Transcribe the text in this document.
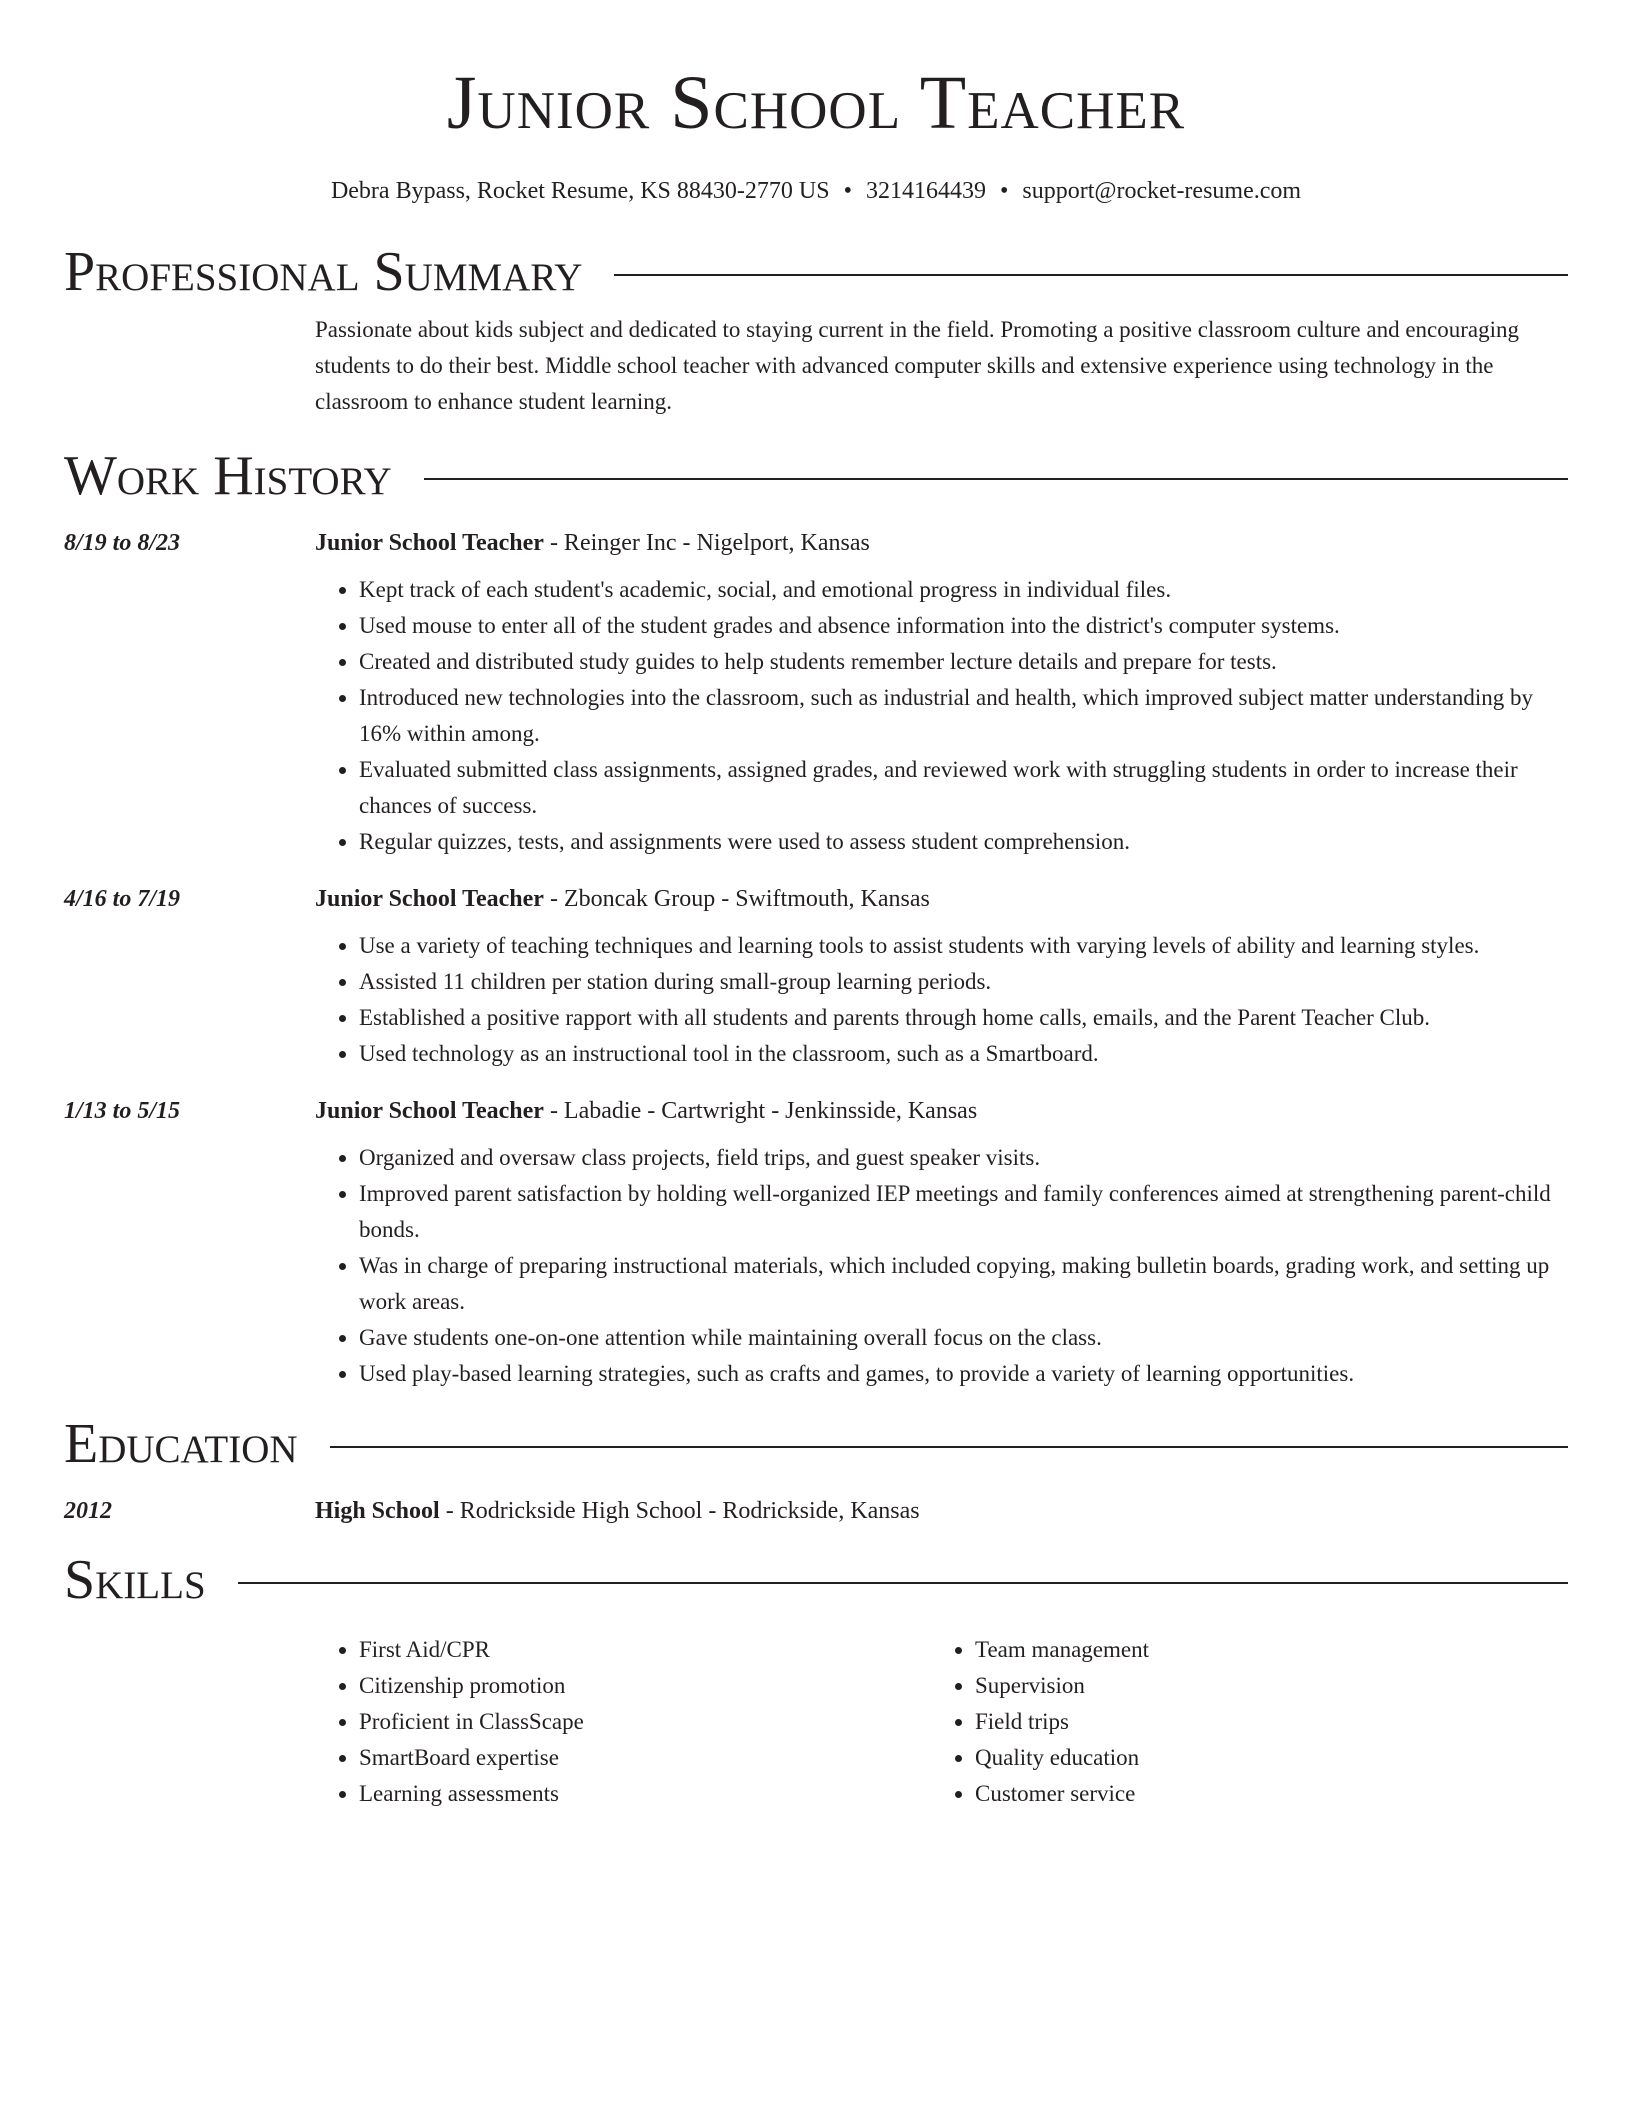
Junior School Teacher
Debra Bypass, Rocket Resume, KS 88430-2770 US • 3214164439 • support@rocket-resume.com
Professional Summary
Passionate about kids subject and dedicated to staying current in the field. Promoting a positive classroom culture and encouraging students to do their best. Middle school teacher with advanced computer skills and extensive experience using technology in the classroom to enhance student learning.
Work History
8/19 to 8/23	Junior School Teacher - Reinger Inc - Nigelport, Kansas
• Kept track of each student's academic, social, and emotional progress in individual files.
• Used mouse to enter all of the student grades and absence information into the district's computer systems.
• Created and distributed study guides to help students remember lecture details and prepare for tests.
• Introduced new technologies into the classroom, such as industrial and health, which improved subject matter understanding by 16% within among.
• Evaluated submitted class assignments, assigned grades, and reviewed work with struggling students in order to increase their chances of success.
• Regular quizzes, tests, and assignments were used to assess student comprehension.
4/16 to 7/19	Junior School Teacher - Zboncak Group - Swiftmouth, Kansas
• Use a variety of teaching techniques and learning tools to assist students with varying levels of ability and learning styles.
• Assisted 11 children per station during small-group learning periods.
• Established a positive rapport with all students and parents through home calls, emails, and the Parent Teacher Club.
• Used technology as an instructional tool in the classroom, such as a Smartboard.
1/13 to 5/15	Junior School Teacher - Labadie - Cartwright - Jenkinsside, Kansas
• Organized and oversaw class projects, field trips, and guest speaker visits.
• Improved parent satisfaction by holding well-organized IEP meetings and family conferences aimed at strengthening parent-child bonds.
• Was in charge of preparing instructional materials, which included copying, making bulletin boards, grading work, and setting up work areas.
• Gave students one-on-one attention while maintaining overall focus on the class.
• Used play-based learning strategies, such as crafts and games, to provide a variety of learning opportunities.
Education
2012	High School - Rodrickside High School - Rodrickside, Kansas
Skills
• First Aid/CPR
• Citizenship promotion
• Proficient in ClassScape
• SmartBoard expertise
• Learning assessments
• Team management
• Supervision
• Field trips
• Quality education
• Customer service
